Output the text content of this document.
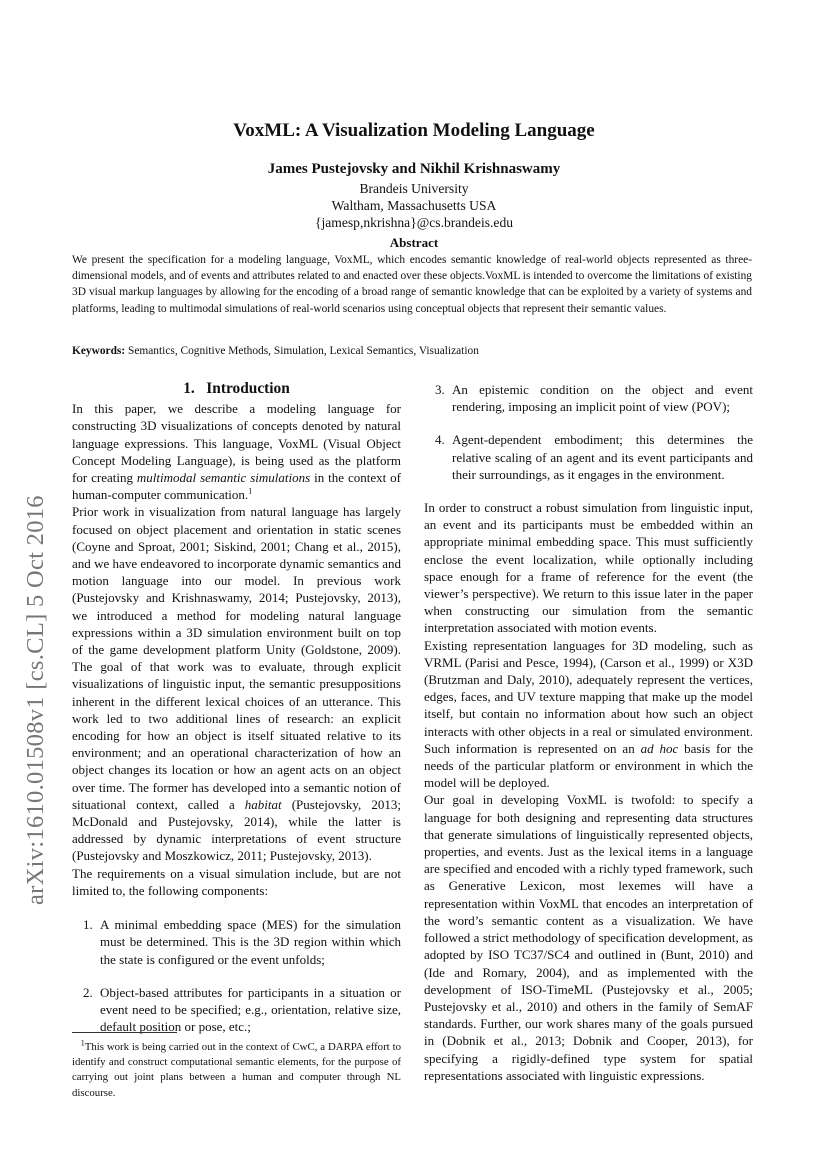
arXiv:1610.01508v1 [cs.CL] 5 Oct 2016
VoxML: A Visualization Modeling Language
James Pustejovsky and Nikhil Krishnaswamy
Brandeis University
Waltham, Massachusetts USA
{jamesp,nkrishna}@cs.brandeis.edu
Abstract
We present the specification for a modeling language, VoxML, which encodes semantic knowledge of real-world objects represented as three-dimensional models, and of events and attributes related to and enacted over these objects.VoxML is intended to overcome the limitations of existing 3D visual markup languages by allowing for the encoding of a broad range of semantic knowledge that can be exploited by a variety of systems and platforms, leading to multimodal simulations of real-world scenarios using conceptual objects that represent their semantic values.
Keywords: Semantics, Cognitive Methods, Simulation, Lexical Semantics, Visualization
1. Introduction

In this paper, we describe a modeling language for constructing 3D visualizations of concepts denoted by natural language expressions. This language, VoxML (Visual Object Concept Modeling Language), is being used as the platform for creating multimodal semantic simulations in the context of human-computer communication.$^1$

Prior work in visualization from natural language has largely focused on object placement and orientation in static scenes (Coyne and Sproat, 2001; Siskind, 2001; Chang et al., 2015), and we have endeavored to incorporate dynamic semantics and motion language into our model. In previous work (Pustejovsky and Krishnaswamy, 2014; Pustejovsky, 2013), we introduced a method for modeling natural language expressions within a 3D simulation environment built on top of the game development platform Unity (Goldstone, 2009). The goal of that work was to evaluate, through explicit visualizations of linguistic input, the semantic presuppositions inherent in the different lexical choices of an utterance. This work led to two additional lines of research: an explicit encoding for how an object is itself situated relative to its environment; and an operational characterization of how an object changes its location or how an agent acts on an object over time. The former has developed into a semantic notion of situational context, called a habitat (Pustejovsky, 2013; McDonald and Pustejovsky, 2014), while the latter is addressed by dynamic interpretations of event structure (Pustejovsky and Moszkowicz, 2011; Pustejovsky, 2013).

The requirements on a visual simulation include, but are not limited to, the following components:

1. A minimal embedding space (MES) for the simulation must be determined. This is the 3D region within which the state is configured or the event unfolds;
2. Object-based attributes for participants in a situation or event need to be specified; e.g., orientation, relative size, default position or pose, etc.;
$^1$This work is being carried out in the context of CwC, a DARPA effort to identify and construct computational semantic elements, for the purpose of carrying out joint plans between a human and computer through NL discourse.
3. An epistemic condition on the object and event rendering, imposing an implicit point of view (POV);
4. Agent-dependent embodiment; this determines the relative scaling of an agent and its event participants and their surroundings, as it engages in the environment.

In order to construct a robust simulation from linguistic input, an event and its participants must be embedded within an appropriate minimal embedding space. This must sufficiently enclose the event localization, while optionally including space enough for a frame of reference for the event (the viewer’s perspective). We return to this issue later in the paper when constructing our simulation from the semantic interpretation associated with motion events.

Existing representation languages for 3D modeling, such as VRML (Parisi and Pesce, 1994), (Carson et al., 1999) or X3D (Brutzman and Daly, 2010), adequately represent the vertices, edges, faces, and UV texture mapping that make up the model itself, but contain no information about how such an object interacts with other objects in a real or simulated environment. Such information is represented on an ad hoc basis for the needs of the particular platform or environment in which the model will be deployed.

Our goal in developing VoxML is twofold: to specify a language for both designing and representing data structures that generate simulations of linguistically represented objects, properties, and events. Just as the lexical items in a language are specified and encoded with a richly typed framework, such as Generative Lexicon, most lexemes will have a representation within VoxML that encodes an interpretation of the word’s semantic content as a visualization. We have followed a strict methodology of specification development, as adopted by ISO TC37/SC4 and outlined in (Bunt, 2010) and (Ide and Romary, 2004), and as implemented with the development of ISO-TimeML (Pustejovsky et al., 2005; Pustejovsky et al., 2010) and others in the family of SemAF standards. Further, our work shares many of the goals pursued in (Dobnik et al., 2013; Dobnik and Cooper, 2013), for specifying a rigidly-defined type system for spatial representations associated with linguistic expressions.
